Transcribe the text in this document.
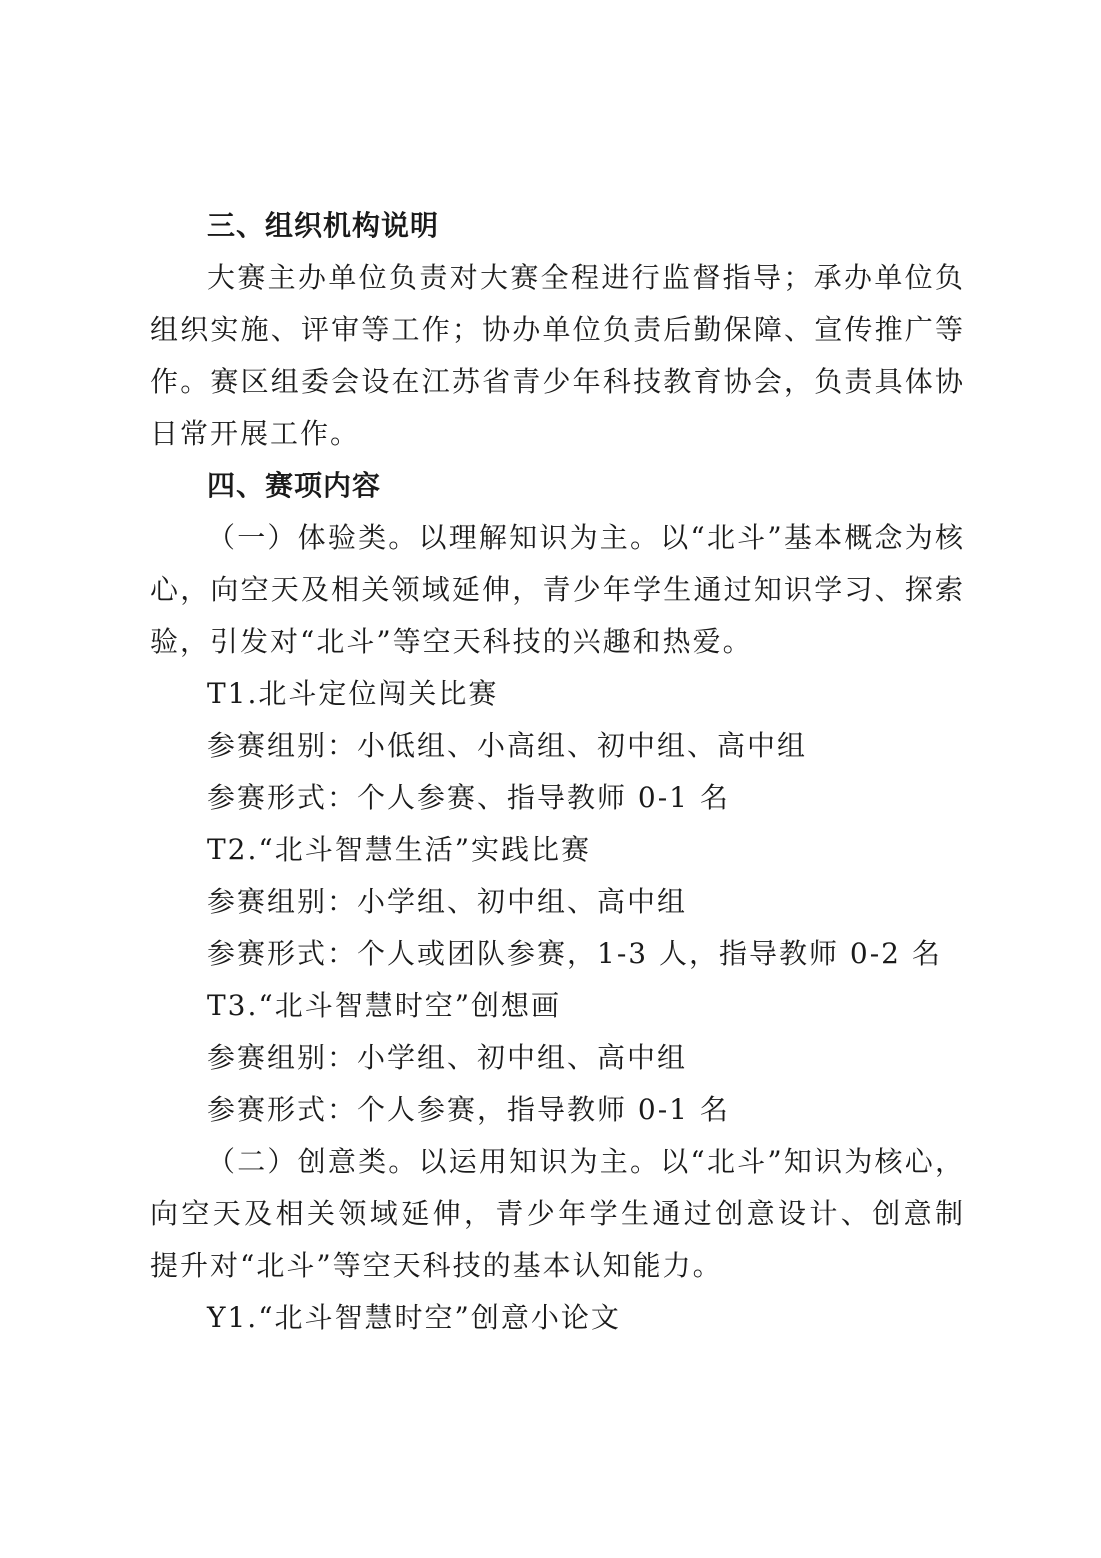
三、组织机构说明
大赛主办单位负责对大赛全程进行监督指导；承办单位负
组织实施、评审等工作；协办单位负责后勤保障、宣传推广等
作。赛区组委会设在江苏省青少年科技教育协会，负责具体协
日常开展工作。
四、赛项内容
（一）体验类。以理解知识为主。以“北斗”基本概念为核
心，向空天及相关领域延伸，青少年学生通过知识学习、探索
验，引发对“北斗”等空天科技的兴趣和热爱。
T1.北斗定位闯关比赛
参赛组别：小低组、小高组、初中组、高中组
参赛形式：个人参赛、指导教师 0-1 名
T2.“北斗智慧生活”实践比赛
参赛组别：小学组、初中组、高中组
参赛形式：个人或团队参赛，1-3 人，指导教师 0-2 名
T3.“北斗智慧时空”创想画
参赛组别：小学组、初中组、高中组
参赛形式：个人参赛，指导教师 0-1 名
（二）创意类。以运用知识为主。以“北斗”知识为核心，
向空天及相关领域延伸，青少年学生通过创意设计、创意制
提升对“北斗”等空天科技的基本认知能力。
Y1.“北斗智慧时空”创意小论文
